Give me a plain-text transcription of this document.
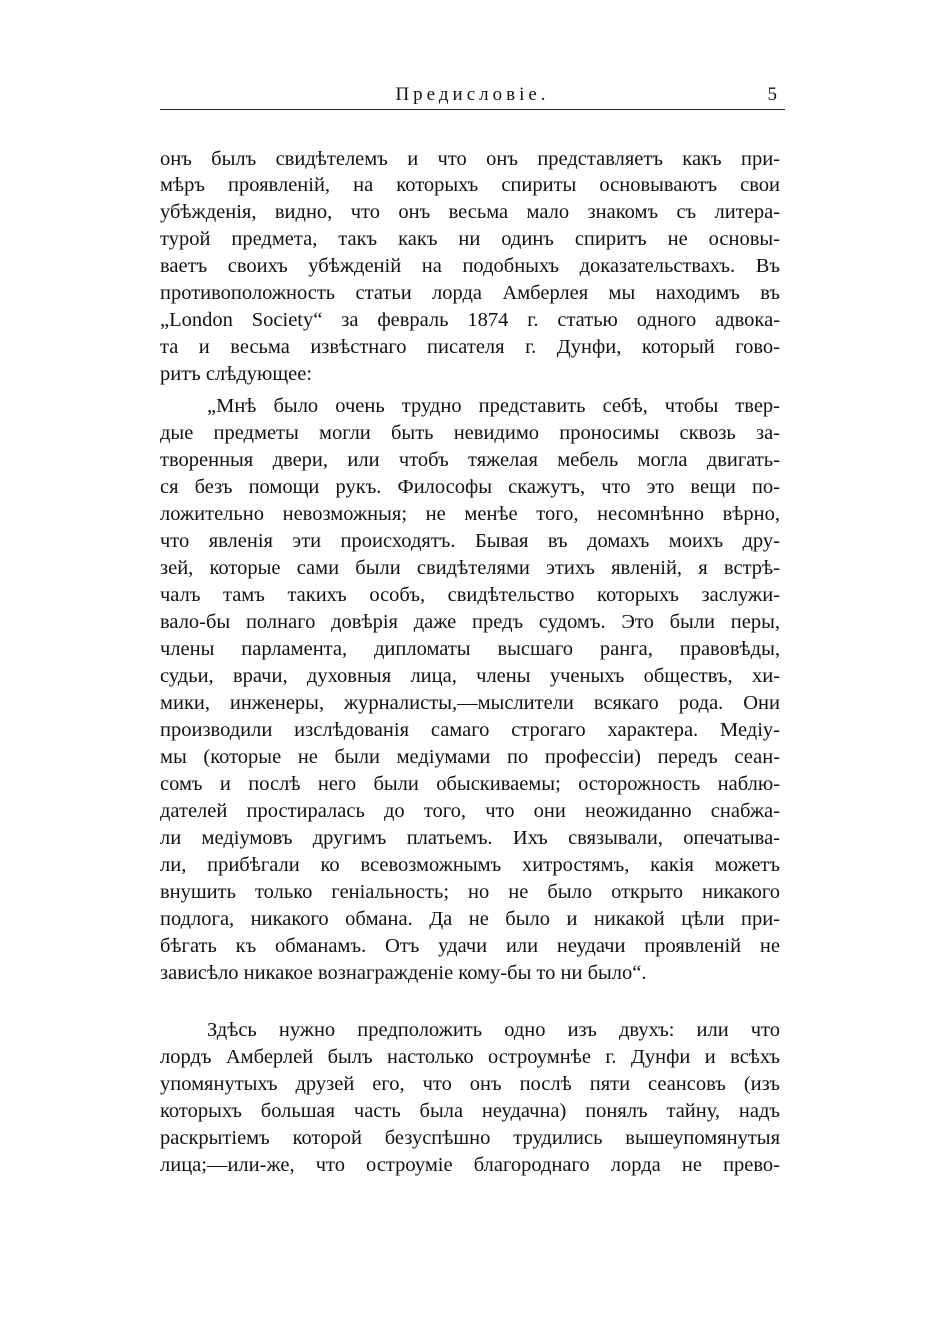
Предисловіе.	5
онъ былъ свидѣтелемъ и что онъ представляетъ какъ при-
мѣръ проявленій, на которыхъ спириты основываютъ свои
убѣжденія, видно, что онъ весьма мало знакомъ съ литера-
турой предмета, такъ какъ ни одинъ спиритъ не основы-
ваетъ своихъ убѣжденій на подобныхъ доказательствахъ. Въ
противоположность статьи лорда Амберлея мы находимъ въ
„London Society“ за февраль 1874 г. статью одного адвока-
та и весьма извѣстнаго писателя г. Дунфи, который гово-
ритъ слѣдующее:
„Мнѣ было очень трудно представить себѣ, чтобы твер-
дые предметы могли быть невидимо проносимы сквозь за-
творенныя двери, или чтобъ тяжелая мебель могла двигать-
ся безъ помощи рукъ. Философы скажутъ, что это вещи по-
ложительно невозможныя; не менѣе того, несомнѣнно вѣрно,
что явленія эти происходятъ. Бывая въ домахъ моихъ дру-
зей, которые сами были свидѣтелями этихъ явленій, я встрѣ-
чалъ тамъ такихъ особъ, свидѣтельство которыхъ заслужи-
вало-бы полнаго довѣрія даже предъ судомъ. Это были перы,
члены парламента, дипломаты высшаго ранга, правовѣды,
судьи, врачи, духовныя лица, члены ученыхъ обществъ, хи-
мики, инженеры, журналисты,—мыслители всякаго рода. Они
производили изслѣдованія самаго строгаго характера. Медіу-
мы (которые не были медіумами по профессіи) передъ сеан-
сомъ и послѣ него были обыскиваемы; осторожность наблю-
дателей простиралась до того, что они неожиданно снабжа-
ли медіумовъ другимъ платьемъ. Ихъ связывали, опечатыва-
ли, прибѣгали ко всевозможнымъ хитростямъ, какія можетъ
внушить только геніальность; но не было открыто никакого
подлога, никакого обмана. Да не было и никакой цѣли при-
бѣгать къ обманамъ. Отъ удачи или неудачи проявленій не
зависѣло никакое вознагражденіе кому-бы то ни было“.
Здѣсь нужно предположить одно изъ двухъ: или что
лордъ Амберлей былъ настолько остроумнѣе г. Дунфи и всѣхъ
упомянутыхъ друзей его, что онъ послѣ пяти сеансовъ (изъ
которыхъ большая часть была неудачна) понялъ тайну, надъ
раскрытіемъ которой безуспѣшно трудились вышеупомянутыя
лица;—или-же, что остроуміе благороднаго лорда не прево-
